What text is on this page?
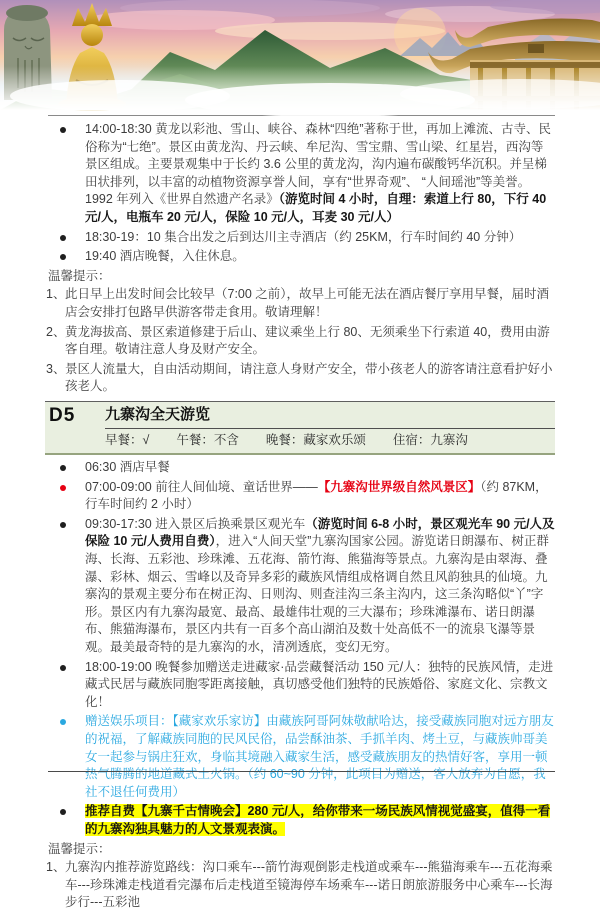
14:00-18:30 黄龙以彩池、雪山、峡谷、森林“四绝”著称于世，再加上滩流、古寺、民俗称为“七绝”。景区由黄龙沟、丹云峡、牟尼沟、雪宝鼎、雪山梁、红星岩，西沟等景区组成。主要景观集中于长约 3.6 公里的黄龙沟，沟内遍布碳酸钙华沉积。并呈梯田状排列，以丰富的动植物资源享誉人间，享有“世界奇观”、 “人间瑶池”等美誉。1992 年列入《世界自然遗产名录》（游览时间 4 小时，自理：索道上行 80，下行 40 元/人，电瓶车 20 元/人，保险 10 元/人，耳麦 30 元/人）
18:30-19：10 集合出发之后到达川主寺酒店（约 25KM，行车时间约 40 分钟）
19:40 酒店晚餐，入住休息。
温馨提示：
1、 此日早上出发时间会比较早（7:00 之前），故早上可能无法在酒店餐厅享用早餐，届时酒店会安排打包路早供游客带走食用。敬请理解！
2、 黄龙海拔高、景区索道修建于后山、建议乘坐上行 80、无须乘坐下行索道 40，费用由游客自理。敬请注意人身及财产安全。
3、 景区人流量大，自由活动期间，请注意人身财产安全，带小孩老人的游客请注意看护好小孩老人。
D5	九寨沟全天游览
早餐：√ 午餐：不含 晚餐：藏家欢乐颂 住宿：九寨沟
06:30 酒店早餐
07:00-09:00 前往人间仙境、童话世界——【九寨沟世界级自然风景区】（约 87KM，行车时间约 2 小时）
09:30-17:30 进入景区后换乘景区观光车（游览时间 6-8 小时，景区观光车 90 元/人及保险 10 元/人费用自费），进入“人间天堂”九寨沟国家公园。游览诺日朗瀑布、树正群海、长海、五彩池、珍珠滩、五花海、箭竹海、熊猫海等景点。九寨沟是由翠海、叠瀑、彩林、烟云、雪峰以及奇异多彩的藏族风情组成格调自然且风韵独具的仙境。九寨沟的景观主要分布在树正沟、日则沟、则查洼沟三条主沟内，这三条沟略似“丫”字形。景区内有九寨沟最宽、最高、最雄伟壮观的三大瀑布；珍珠滩瀑布、诺日朗瀑布、熊猫海瀑布，景区内共有一百多个高山湖泊及数十处高低不一的流泉飞瀑等景观。最美最奇特的是九寨沟的水，清冽透底，变幻无穷。
18:00-19:00 晚餐参加赠送走进藏家·品尝藏餐活动 150 元/人：独特的民族风情，走进藏式民居与藏族同胞零距离接触，真切感受他们独特的民族婚俗、家庭文化、宗教文化！
赠送娱乐项目：【藏家欢乐家访】由藏族阿哥阿妹敬献哈达，接受藏族同胞对远方朋友的祝福，了解藏族同胞的民风民俗，品尝酥油茶、手抓羊肉、烤土豆，与藏族帅哥美女一起参与锅庄狂欢，身临其境融入藏家生活，感受藏族朋友的热情好客，享用一顿热气腾腾的地道藏式土火锅。（约 60~90 分钟，此项目为赠送，客人放弃为自愿，我社不退任何费用）
推荐自费【九寨千古情晚会】280 元/人，给你带来一场民族风情视觉盛宴，值得一看的九寨沟独具魅力的人文景观表演。
温馨提示：
1、 九寨沟内推荐游览路线：沟口乘车---箭竹海观倒影走栈道或乘车---熊猫海乘车---五花海乘车---珍珠滩走栈道看完瀑布后走栈道至镜海停车场乘车---诺日朗旅游服务中心乘车---长海步行---五彩池
